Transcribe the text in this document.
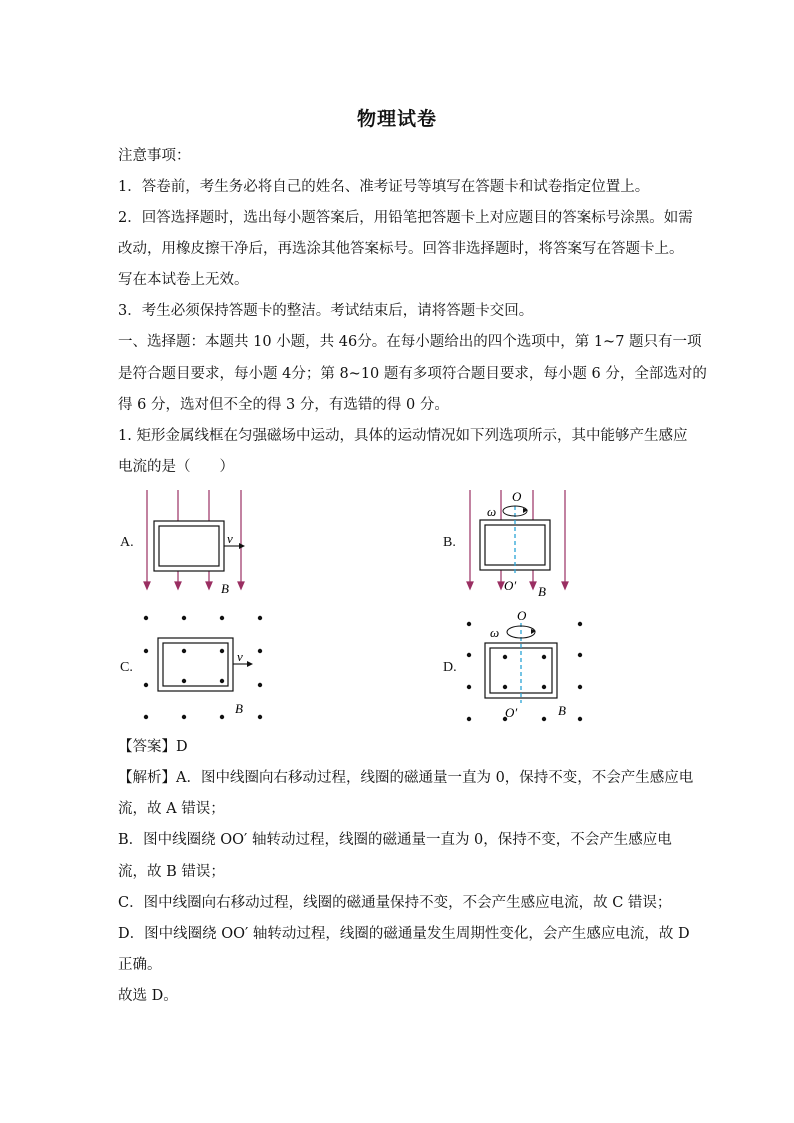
物理试卷
注意事项：
1．答卷前，考生务必将自己的姓名、准考证号等填写在答题卡和试卷指定位置上。
2．回答选择题时，选出每小题答案后，用铅笔把答题卡上对应题目的答案标号涂黑。如需
改动，用橡皮擦干净后，再选涂其他答案标号。回答非选择题时，将答案写在答题卡上。
写在本试卷上无效。
3．考生必须保持答题卡的整洁。考试结束后，请将答题卡交回。
一、选择题：本题共 10 小题，共 46分。在每小题给出的四个选项中，第 1~7 题只有一项
是符合题目要求，每小题 4分；第 8~10 题有多项符合题目要求，每小题 6 分，全部选对的
得 6 分，选对但不全的得 3 分，有选错的得 0 分。
1. 矩形金属线框在匀强磁场中运动，具体的运动情况如下列选项所示，其中能够产生感应
电流的是（　　）
A.	v
B
B.
ω
O
O′ B
C.
v
B
D.
ω
O
O′	B
【答案】D
【解析】A．图中线圈向右移动过程，线圈的磁通量一直为 0，保持不变，不会产生感应电
流，故 A 错误；
B．图中线圈绕 OO′ 轴转动过程，线圈的磁通量一直为 0，保持不变，不会产生感应电
流，故 B 错误；
C．图中线圈向右移动过程，线圈的磁通量保持不变，不会产生感应电流，故 C 错误；
D．图中线圈绕 OO′ 轴转动过程，线圈的磁通量发生周期性变化，会产生感应电流，故 D
正确。
故选 D。
